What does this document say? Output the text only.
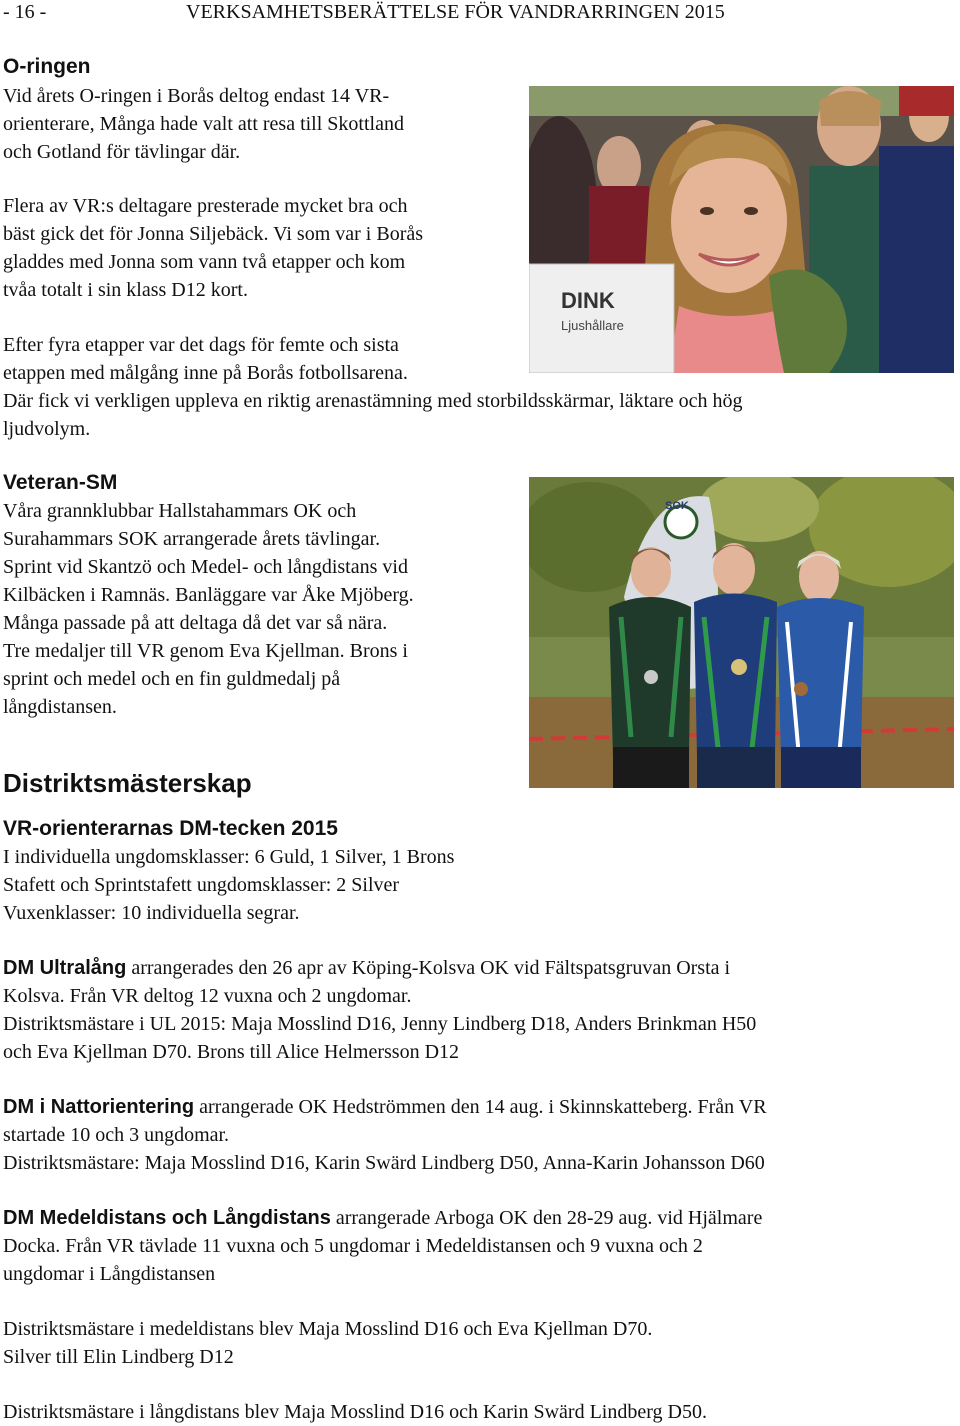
- 16 -	VERKSAMHETSBERÄTTELSE FÖR VANDRARRINGEN 2015
O-ringen
Vid årets O-ringen i Borås deltog endast 14 VR-
orienterare, Många hade valt att resa till Skottland
och Gotland för tävlingar där.
Flera av VR:s deltagare presterade mycket bra och
bäst gick det för Jonna Siljebäck. Vi som var i Borås
gladdes med Jonna som vann två etapper och kom
tvåa totalt i sin klass D12 kort.
Efter fyra etapper var det dags för femte och sista
etappen med målgång inne på Borås fotbollsarena.
Där fick vi verkligen uppleva en riktig arenastämning med storbildsskärmar, läktare och hög
ljudvolym.
DINK
Ljushållare
Veteran-SM
Våra grannklubbar Hallstahammars OK och
Surahammars SOK arrangerade årets tävlingar.
Sprint vid Skantzö och Medel- och långdistans vid
Kilbäcken i Ramnäs. Banläggare var Åke Mjöberg.
Många passade på att deltaga då det var så nära.
Tre medaljer till VR genom Eva Kjellman. Brons i
sprint och medel och en fin guldmedalj på
långdistansen.
SOK
Distriktsmästerskap
VR-orienterarnas DM-tecken 2015
I individuella ungdomsklasser: 6 Guld, 1 Silver, 1 Brons
Stafett och Sprintstafett ungdomsklasser: 2 Silver
Vuxenklasser: 10 individuella segrar.
DM Ultralång arrangerades den 26 apr av Köping-Kolsva OK vid Fältspatsgruvan Orsta i
Kolsva. Från VR deltog 12 vuxna och 2 ungdomar.
Distriktsmästare i UL 2015: Maja Mosslind D16, Jenny Lindberg D18, Anders Brinkman H50
och Eva Kjellman D70. Brons till Alice Helmersson D12
DM i Nattorientering arrangerade OK Hedströmmen den 14 aug. i Skinnskatteberg. Från VR
startade 10 och 3 ungdomar.
Distriktsmästare: Maja Mosslind D16, Karin Swärd Lindberg D50, Anna-Karin Johansson D60
DM Medeldistans och Långdistans arrangerade Arboga OK den 28-29 aug. vid Hjälmare
Docka. Från VR tävlade 11 vuxna och 5 ungdomar i Medeldistansen och 9 vuxna och 2
ungdomar i Långdistansen
Distriktsmästare i medeldistans blev Maja Mosslind D16 och Eva Kjellman D70.
Silver till Elin Lindberg D12
Distriktsmästare i långdistans blev Maja Mosslind D16 och Karin Swärd Lindberg D50.
